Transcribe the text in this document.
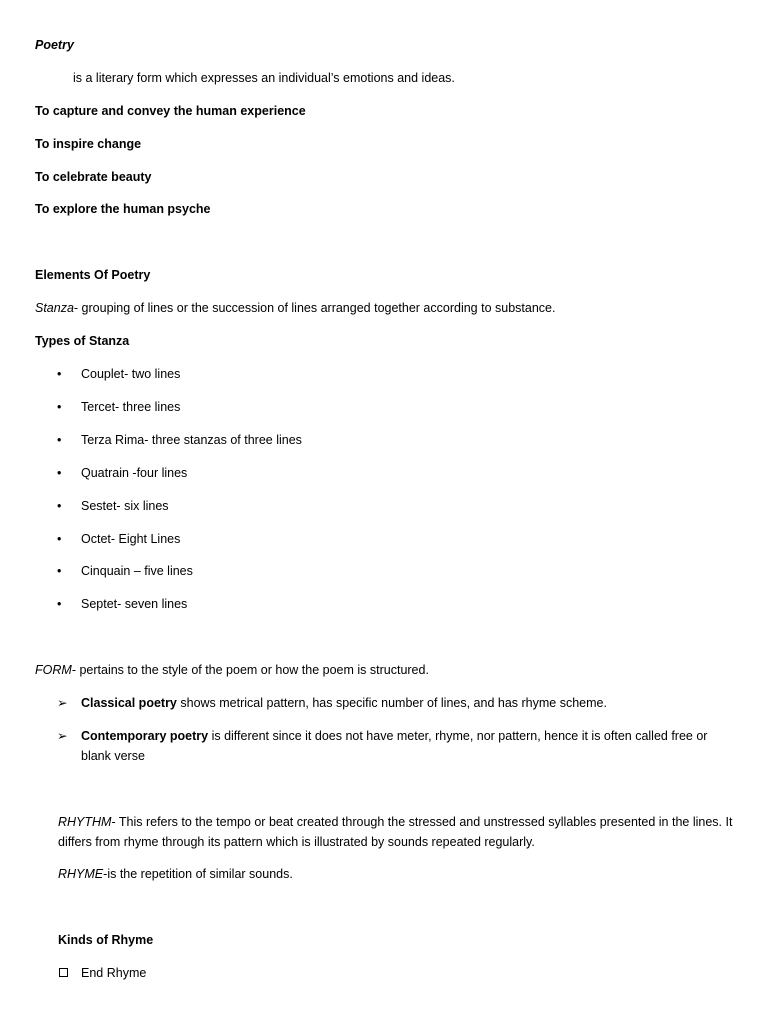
Poetry
is a literary form which expresses an individual’s emotions and ideas.
To capture and convey the human experience
To inspire change
To celebrate beauty
To explore the human psyche
Elements Of Poetry
Stanza- grouping of lines or the succession of lines arranged together according to substance.
Types of Stanza
• Couplet- two lines
• Tercet- three lines
• Terza Rima- three stanzas of three lines
• Quatrain -four lines
• Sestet- six lines
• Octet- Eight Lines
• Cinquain – five lines
• Septet- seven lines
FORM- pertains to the style of the poem or how the poem is structured.
➢ Classical poetry shows metrical pattern, has specific number of lines, and has rhyme scheme.
➢ Contemporary poetry is different since it does not have meter, rhyme, nor pattern, hence it is often called free or blank verse
RHYTHM- This refers to the tempo or beat created through the stressed and unstressed syllables presented in the lines. It differs from rhyme through its pattern which is illustrated by sounds repeated regularly.
RHYME-is the repetition of similar sounds.
Kinds of Rhyme
End Rhyme
